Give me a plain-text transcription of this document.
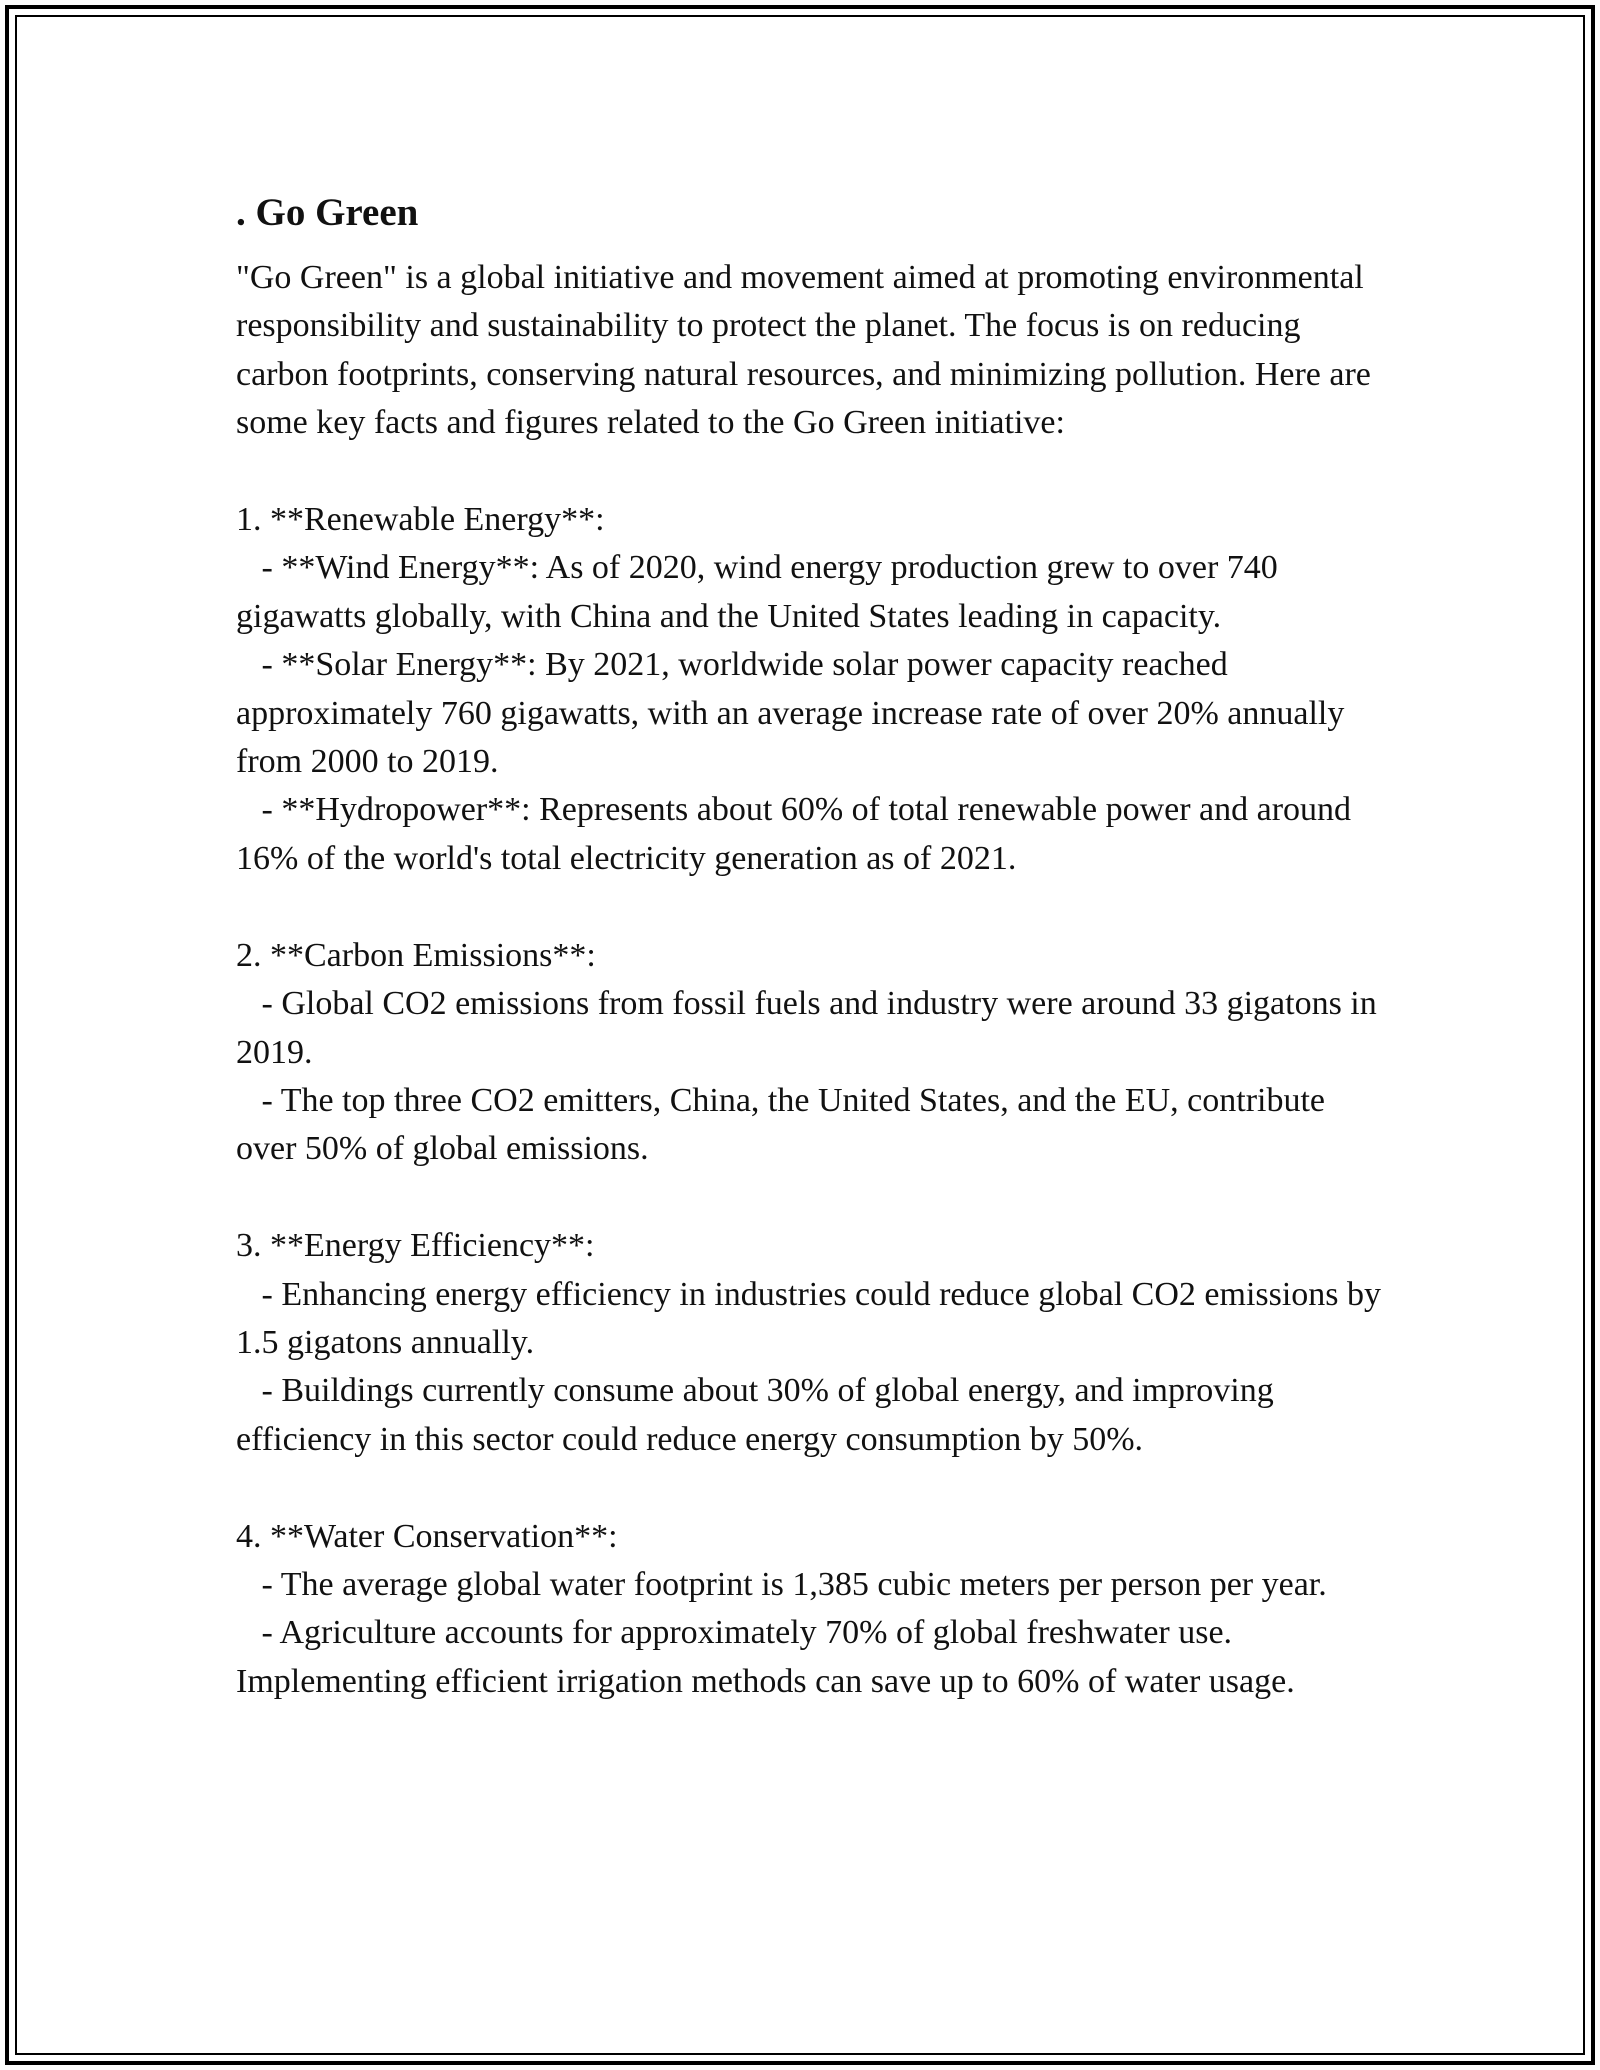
. Go Green

"Go Green" is a global initiative and movement aimed at promoting environmental responsibility and sustainability to protect the planet. The focus is on reducing carbon footprints, conserving natural resources, and minimizing pollution. Here are some key facts and figures related to the Go Green initiative:

1. **Renewable Energy**:
- **Wind Energy**: As of 2020, wind energy production grew to over 740 gigawatts globally, with China and the United States leading in capacity.
- **Solar Energy**: By 2021, worldwide solar power capacity reached approximately 760 gigawatts, with an average increase rate of over 20% annually from 2000 to 2019.
- **Hydropower**: Represents about 60% of total renewable power and around 16% of the world's total electricity generation as of 2021.

2. **Carbon Emissions**:
- Global CO2 emissions from fossil fuels and industry were around 33 gigatons in 2019.
- The top three CO2 emitters, China, the United States, and the EU, contribute over 50% of global emissions.

3. **Energy Efficiency**:
- Enhancing energy efficiency in industries could reduce global CO2 emissions by 1.5 gigatons annually.
- Buildings currently consume about 30% of global energy, and improving efficiency in this sector could reduce energy consumption by 50%.

4. **Water Conservation**:
- The average global water footprint is 1,385 cubic meters per person per year.
- Agriculture accounts for approximately 70% of global freshwater use. Implementing efficient irrigation methods can save up to 60% of water usage.
